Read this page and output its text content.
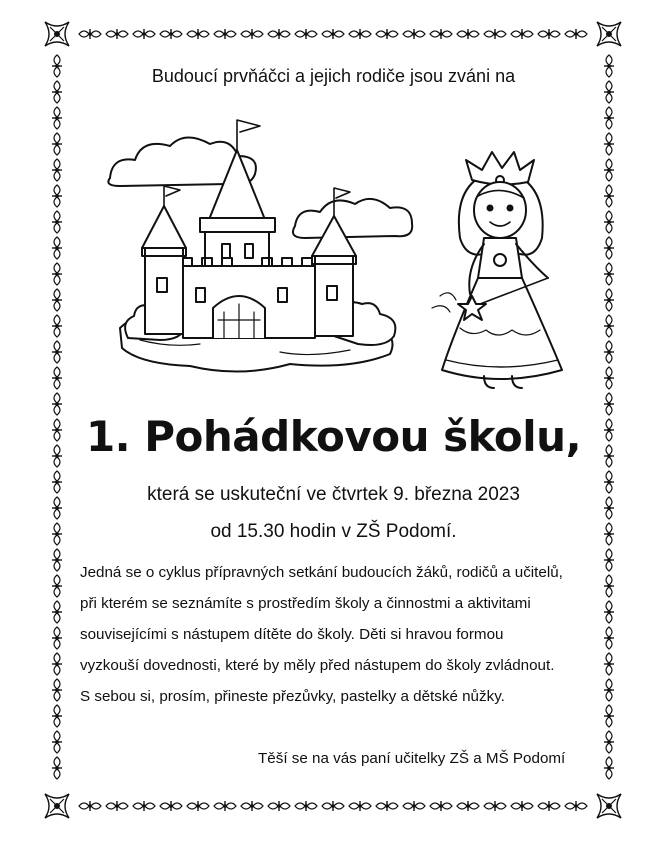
Budoucí prvňáčci a jejich rodiče jsou zváni na
1. Pohádkovou školu,
která se uskuteční ve čtvrtek 9. března 2023
od 15.30 hodin v ZŠ Podomí.

Jedná se o cyklus přípravných setkání budoucích žáků, rodičů a učitelů,

při kterém se seznámíte s prostředím školy a činnostmi a aktivitami

souvisejícími s nástupem dítěte do školy. Děti si hravou formou

vyzkouší dovednosti, které by měly před nástupem do školy zvládnout.

S sebou si, prosím, přineste přezůvky, pastelky a dětské nůžky.
Těší se na vás paní učitelky ZŠ a MŠ Podomí
